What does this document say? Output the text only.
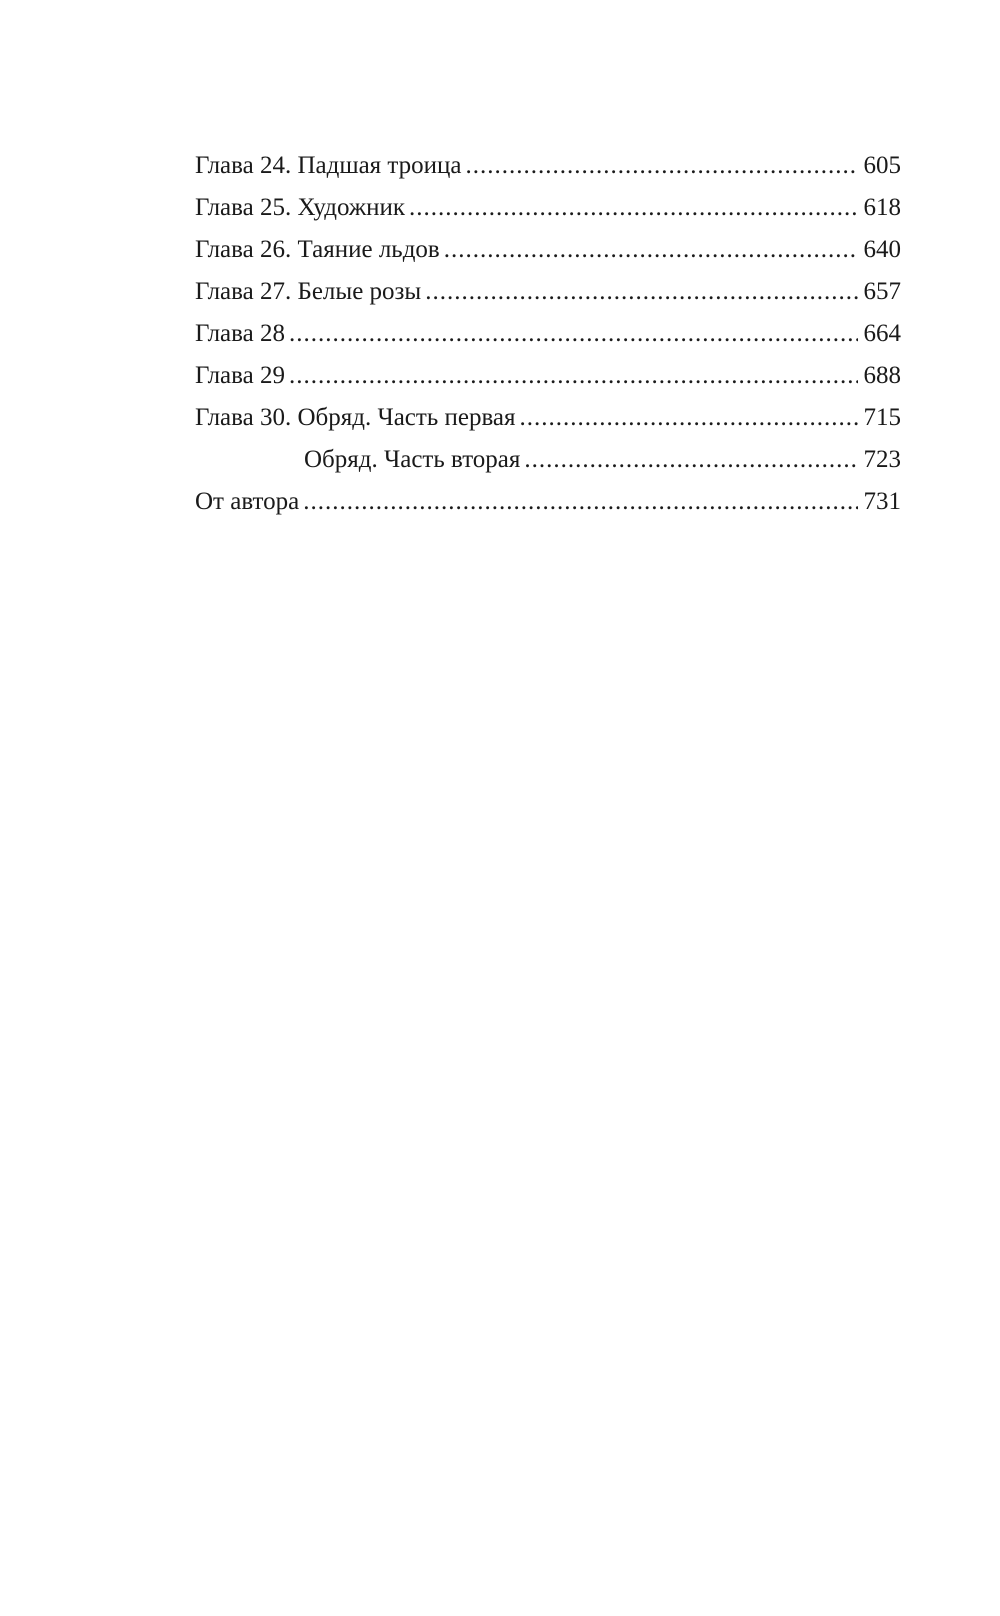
Глава 24. Падшая троица .....	605
Глава 25. Художник .....	618
Глава 26. Таяние льдов .....	640
Глава 27. Белые розы .....	657
Глава 28 .....	664
Глава 29 .....	688
Глава 30. Обряд. Часть первая .....	715
Обряд. Часть вторая .....	723
От автора .....	731
